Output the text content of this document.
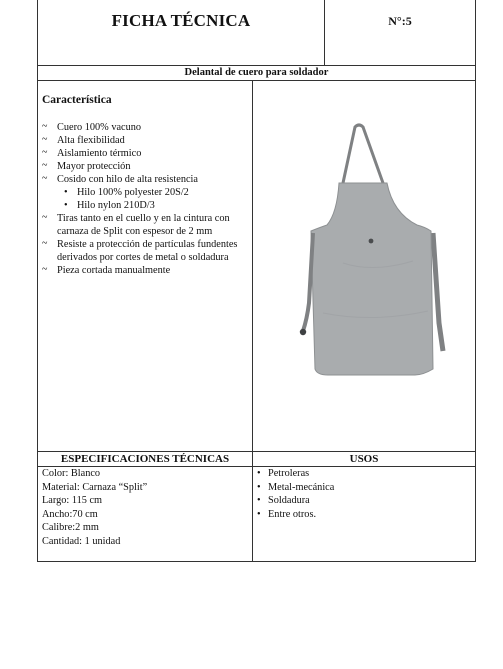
FICHA TÉCNICA	N°:5
Delantal de cuero para soldador
Característica
~ Cuero 100% vacuno
~ Alta flexibilidad
~ Aislamiento térmico
~ Mayor protección
~ Cosido con hilo de alta resistencia
• Hilo 100% polyester 20S/2
• Hilo nylon 210D/3
~ Tiras tanto en el cuello y en la cintura con carnaza de Split con espesor de 2 mm
~ Resiste a protección de partículas fundentes derivados por cortes de metal o soldadura
~ Pieza cortada manualmente
ESPECIFICACIONES TÉCNICAS
Color: Blanco
Material: Carnaza “Split”
Largo: 115 cm
Ancho:70 cm
Calibre:2 mm
Cantidad: 1 unidad
USOS
• Petroleras
• Metal-mecánica
• Soldadura
• Entre otros.
